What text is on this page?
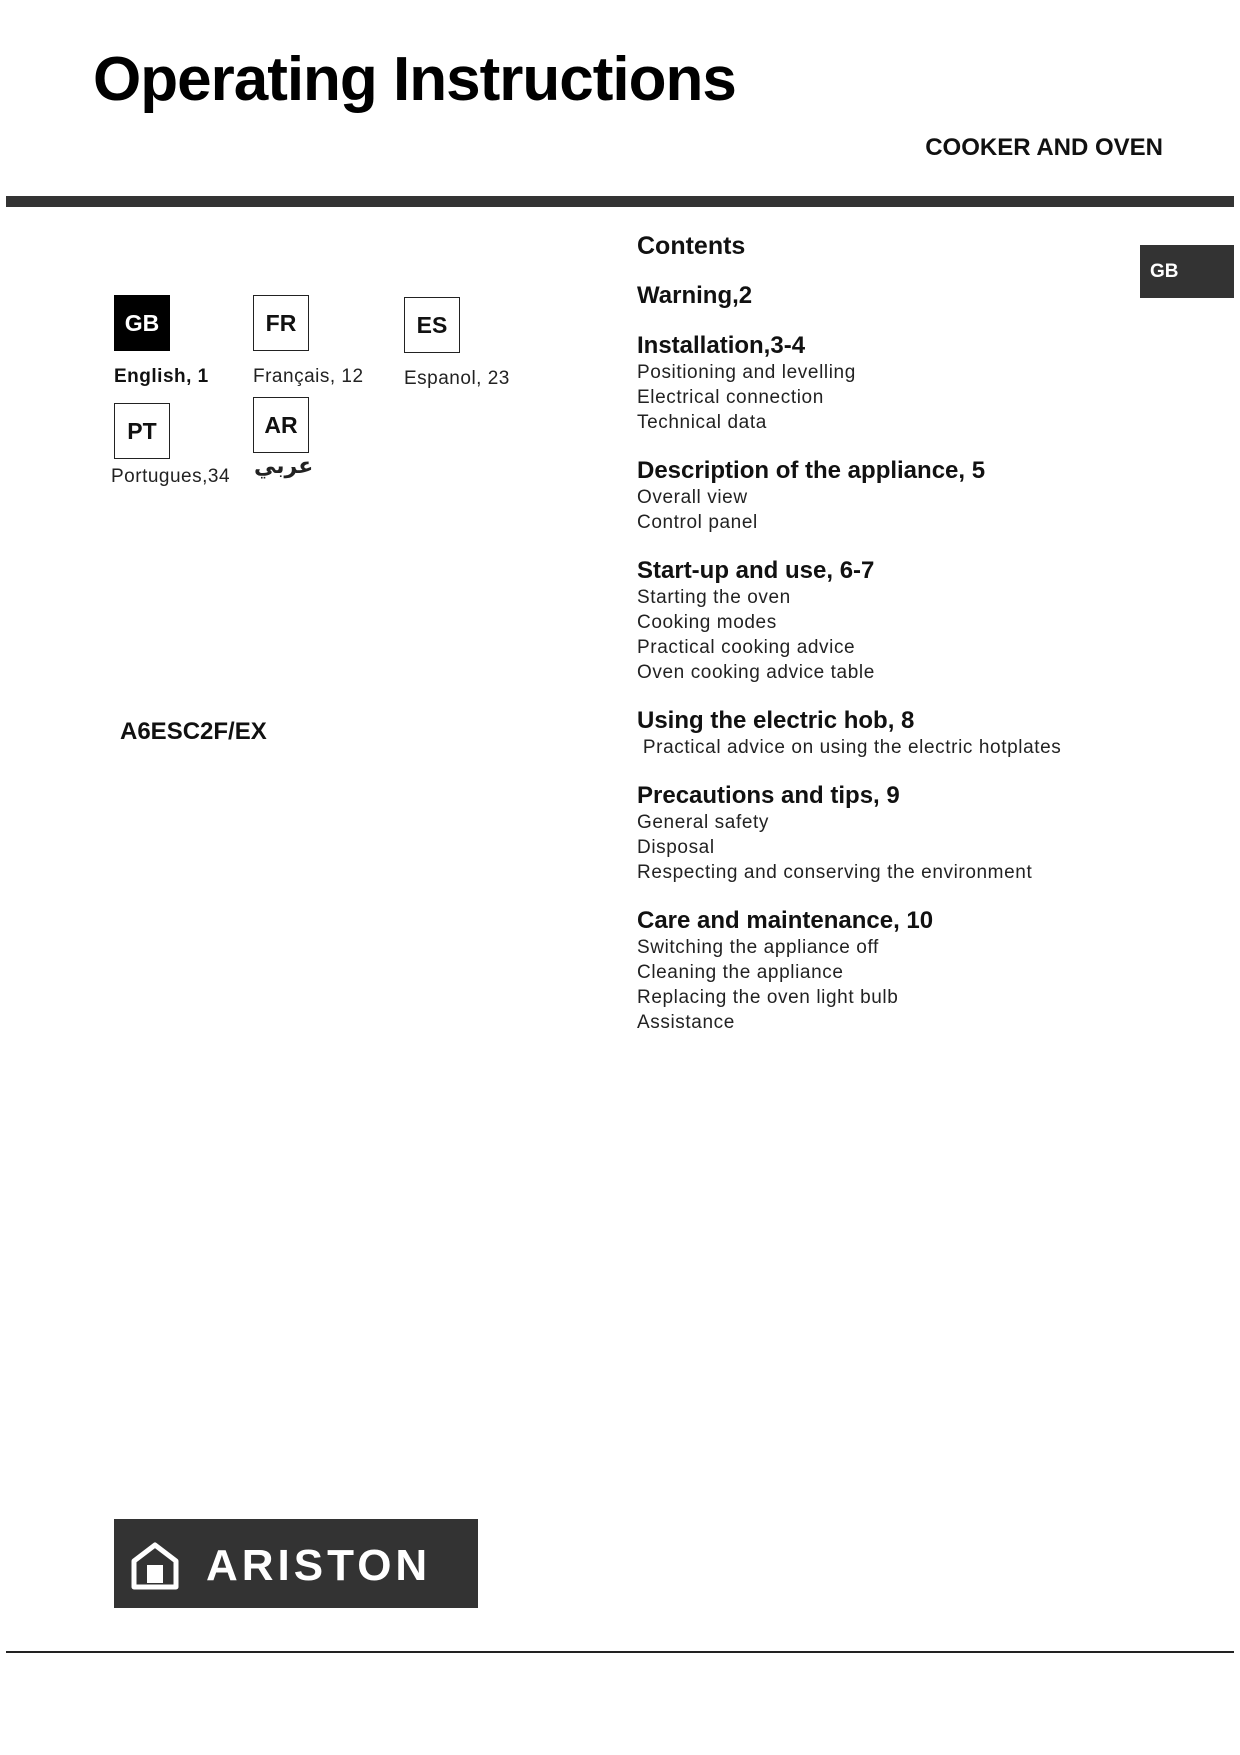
Operating Instructions
COOKER AND OVEN
GB
GB
English, 1
FR
Français, 12
ES
Espanol, 23
PT
Portugues,34
AR
عربي
A6ESC2F/EX
Contents
Warning,2
Installation,3-4
Positioning and levelling
Electrical connection
Technical data
Description of the appliance, 5
Overall view
Control panel
Start-up and use, 6-7
Starting the oven
Cooking modes
Practical cooking advice
Oven cooking advice table
Using the electric hob, 8
Practical advice on using the electric hotplates
Precautions and tips, 9
General safety
Disposal
Respecting and conserving the environment
Care and maintenance, 10
Switching the appliance off
Cleaning the appliance
Replacing the oven light bulb
Assistance
ARISTON
